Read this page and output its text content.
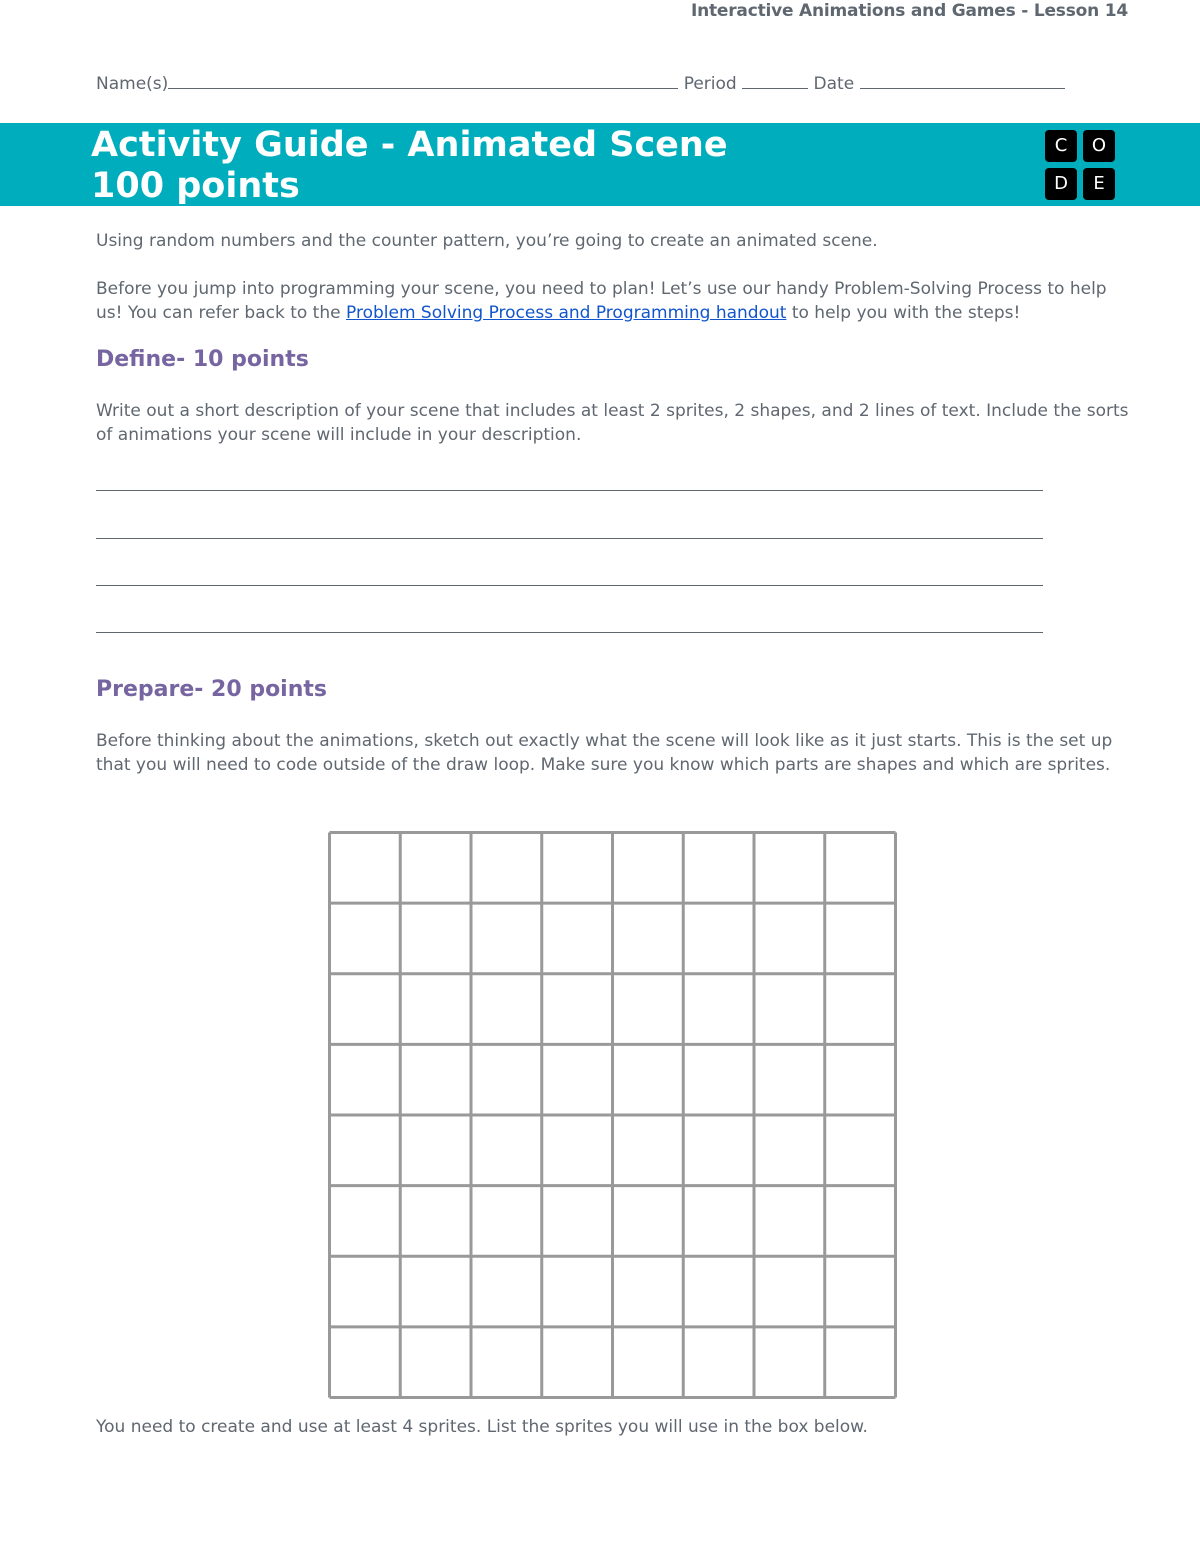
Interactive Animations and Games - Lesson 14
Name(s)	Period	Date
Activity Guide - Animated Scene
100 points
C	O
D	E
Using random numbers and the counter pattern, you’re going to create an animated scene.
Before you jump into programming your scene, you need to plan! Let’s use our handy Problem-Solving Process to help us! You can refer back to the Problem Solving Process and Programming handout to help you with the steps!
Define- 10 points
Write out a short description of your scene that includes at least 2 sprites, 2 shapes, and 2 lines of text. Include the sorts of animations your scene will include in your description.
Prepare- 20 points
Before thinking about the animations, sketch out exactly what the scene will look like as it just starts. This is the set up that you will need to code outside of the draw loop. Make sure you know which parts are shapes and which are sprites.
You need to create and use at least 4 sprites. List the sprites you will use in the box below.
